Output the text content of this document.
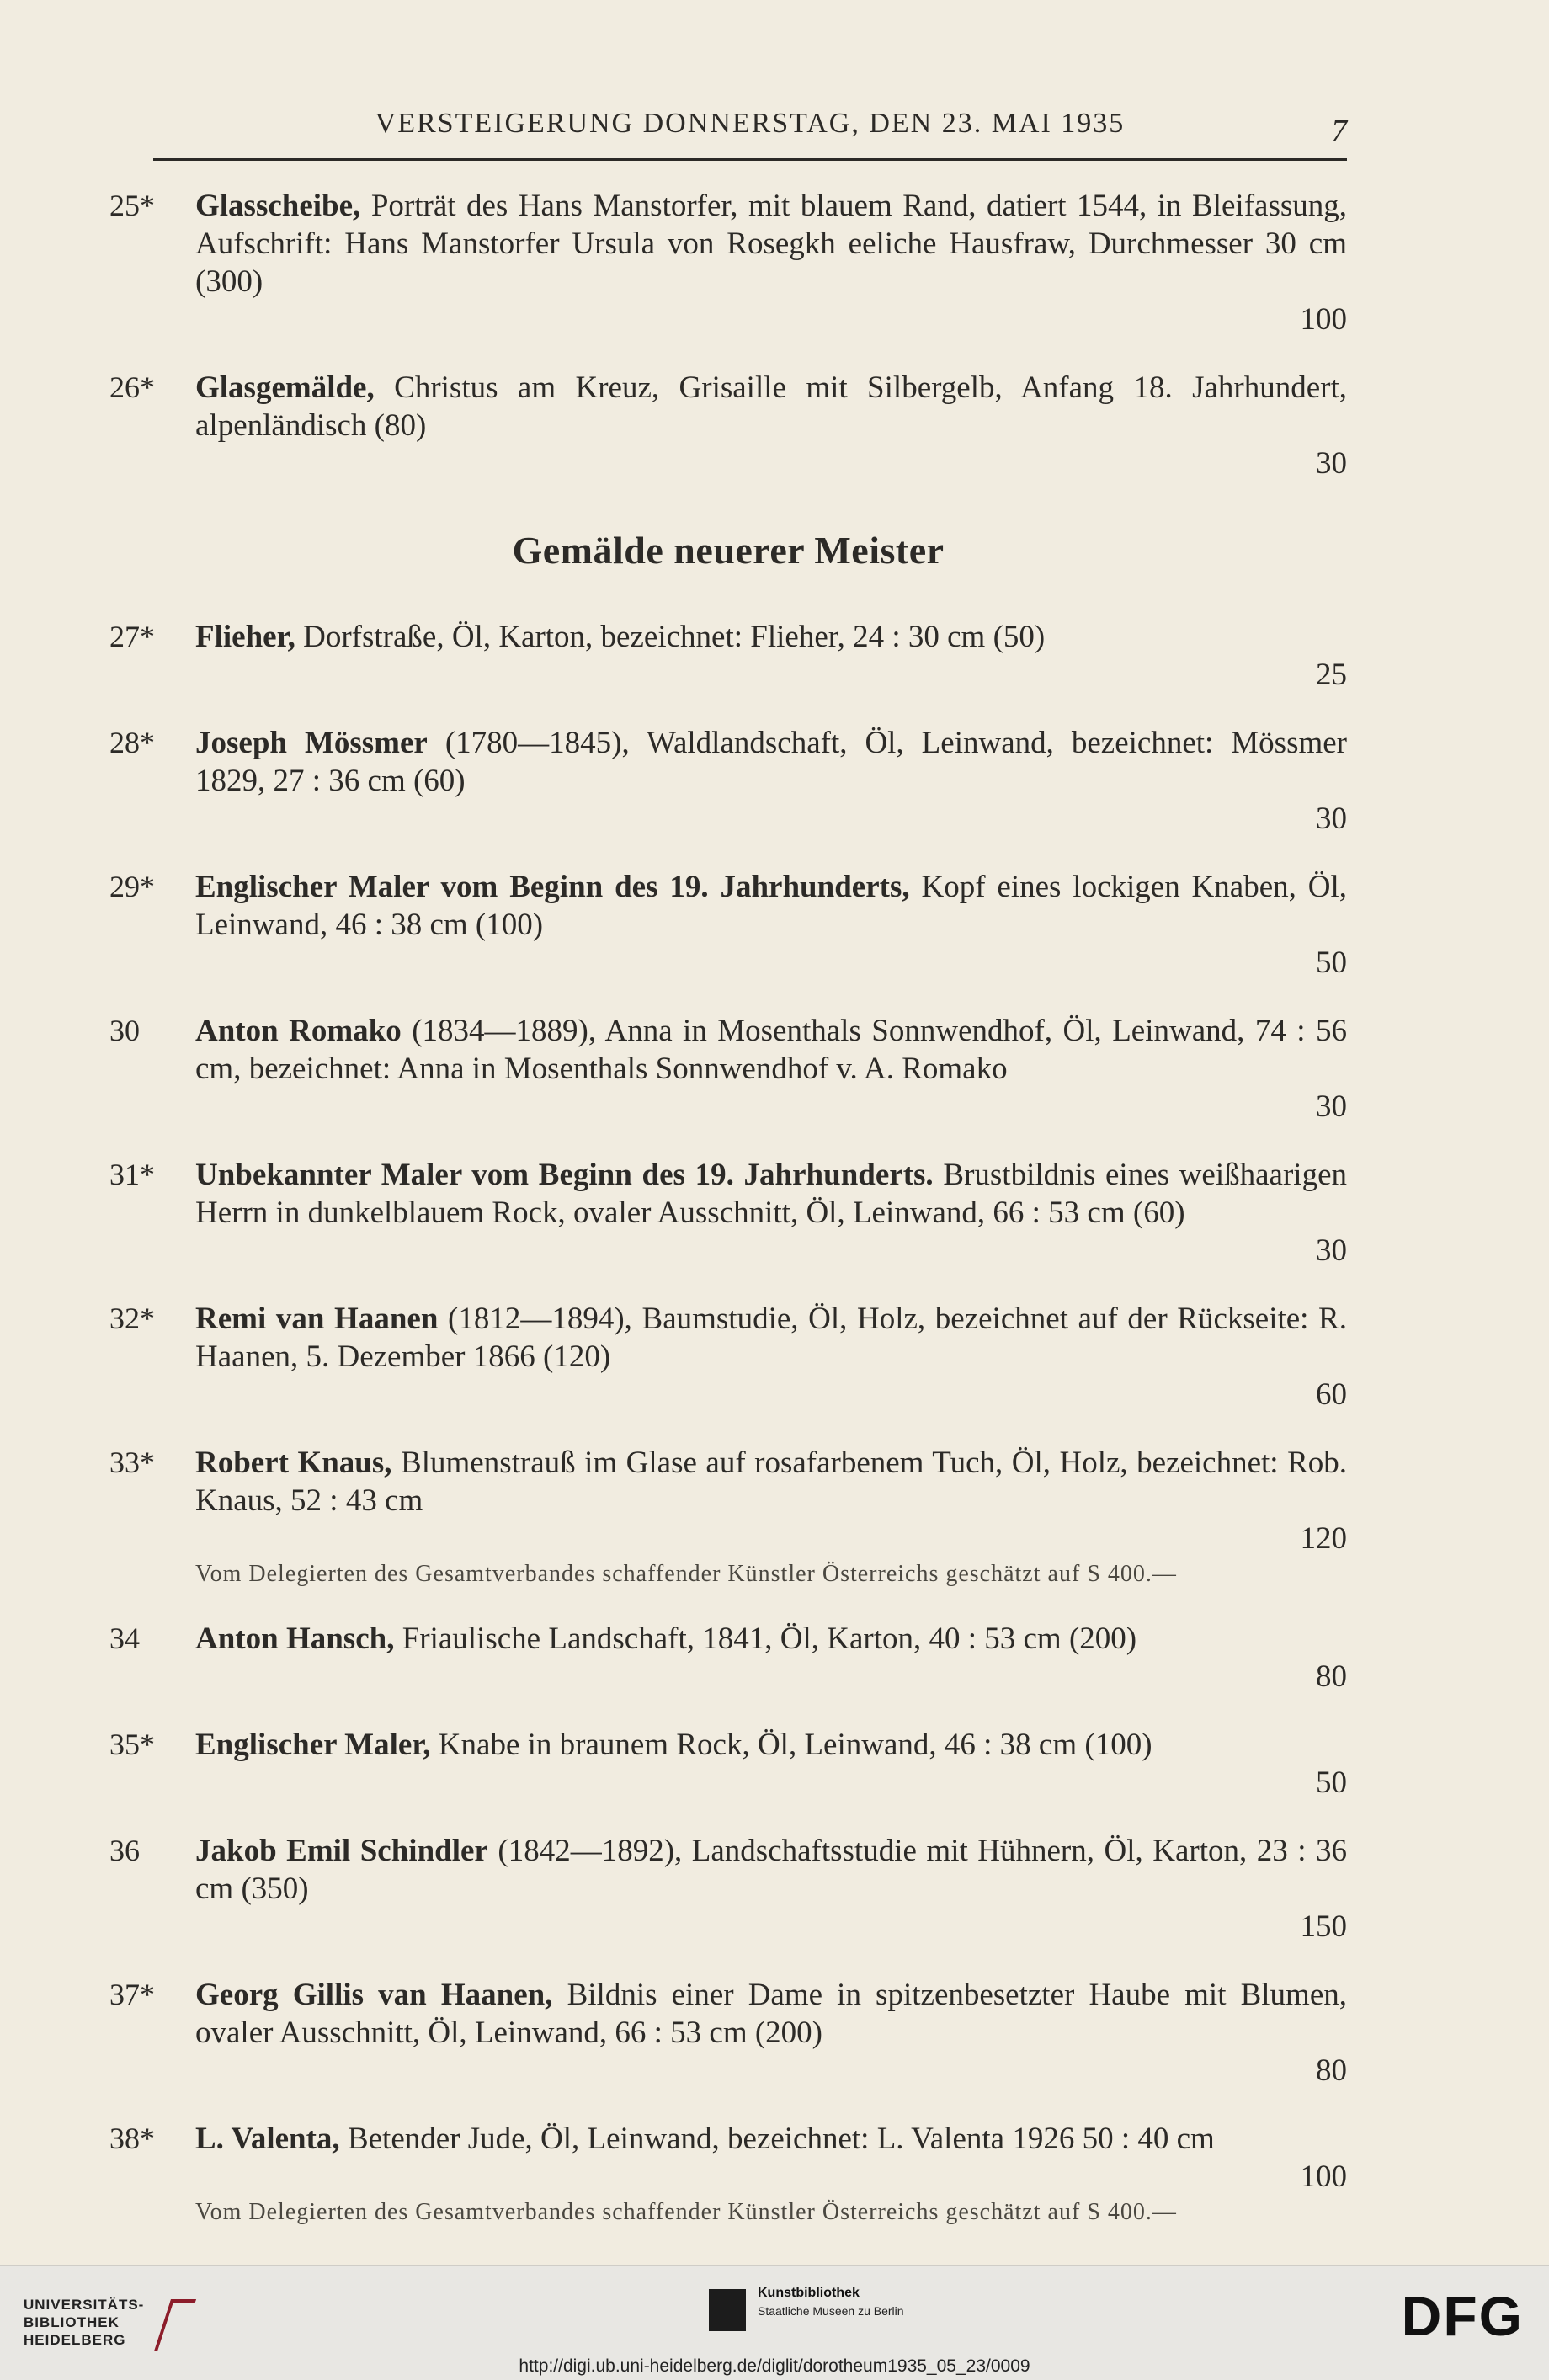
VERSTEIGERUNG DONNERSTAG, DEN 23. MAI 1935	7
25*	Glasscheibe, Porträt des Hans Manstorfer, mit blauem Rand, datiert 1544, in Bleifassung, Aufschrift: Hans Manstorfer Ursula von Rosegkh eeliche Hausfraw, Durchmesser 30 cm (300)
100
26*	Glasgemälde, Christus am Kreuz, Grisaille mit Silbergelb, Anfang 18. Jahrhundert, alpenländisch (80)
30
Gemälde neuerer Meister
27*	Flieher, Dorfstraße, Öl, Karton, bezeichnet: Flieher, 24 : 30 cm (50)
25
28*	Joseph Mössmer (1780—1845), Waldlandschaft, Öl, Leinwand, bezeichnet: Mössmer 1829, 27 : 36 cm (60)
30
29*	Englischer Maler vom Beginn des 19. Jahrhunderts, Kopf eines lockigen Knaben, Öl, Leinwand, 46 : 38 cm (100)
50
30	Anton Romako (1834—1889), Anna in Mosenthals Sonnwendhof, Öl, Leinwand, 74 : 56 cm, bezeichnet: Anna in Mosenthals Sonnwendhof v. A. Romako
30
31*	Unbekannter Maler vom Beginn des 19. Jahrhunderts. Brustbildnis eines weißhaarigen Herrn in dunkelblauem Rock, ovaler Ausschnitt, Öl, Leinwand, 66 : 53 cm (60)
30
32*	Remi van Haanen (1812—1894), Baumstudie, Öl, Holz, bezeichnet auf der Rückseite: R. Haanen, 5. Dezember 1866 (120)
60
33*	Robert Knaus, Blumenstrauß im Glase auf rosafarbenem Tuch, Öl, Holz, bezeichnet: Rob. Knaus, 52 : 43 cm
120
Vom Delegierten des Gesamtverbandes schaffender Künstler Österreichs geschätzt auf S 400.—
34	Anton Hansch, Friaulische Landschaft, 1841, Öl, Karton, 40 : 53 cm (200)
80
35*	Englischer Maler, Knabe in braunem Rock, Öl, Leinwand, 46 : 38 cm (100)
50
36	Jakob Emil Schindler (1842—1892), Landschaftsstudie mit Hühnern, Öl, Karton, 23 : 36 cm (350)
150
37*	Georg Gillis van Haanen, Bildnis einer Dame in spitzenbesetzter Haube mit Blumen, ovaler Ausschnitt, Öl, Leinwand, 66 : 53 cm (200)
80
38*	L. Valenta, Betender Jude, Öl, Leinwand, bezeichnet: L. Valenta 1926 50 : 40 cm
100
Vom Delegierten des Gesamtverbandes schaffender Künstler Österreichs geschätzt auf S 400.—
UNIVERSITÄTS-
BIBLIOTHEK
HEIDELBERG
Kunstbibliothek
Staatliche Museen zu Berlin	DFG
http://digi.ub.uni-heidelberg.de/diglit/dorotheum1935_05_23/0009
